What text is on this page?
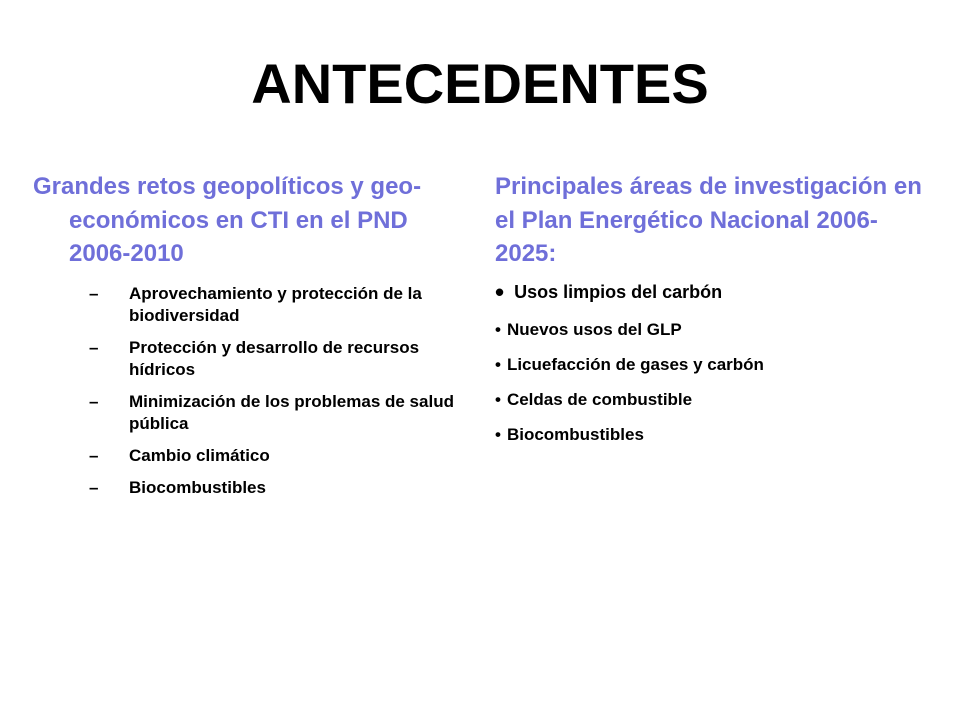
ANTECEDENTES

Grandes retos geopolíticos y geo-económicos en CTI en el PND 2006-2010

–	Aprovechamiento y protección de la biodiversidad
–	Protección y desarrollo de recursos hídricos
–	Minimización de los problemas de salud pública
–	Cambio climático
–	Biocombustibles

Principales áreas de investigación en el Plan Energético Nacional 2006-2025:

• Usos limpios del carbón
• Nuevos usos del GLP
• Licuefacción de gases y carbón
• Celdas de combustible
• Biocombustibles
